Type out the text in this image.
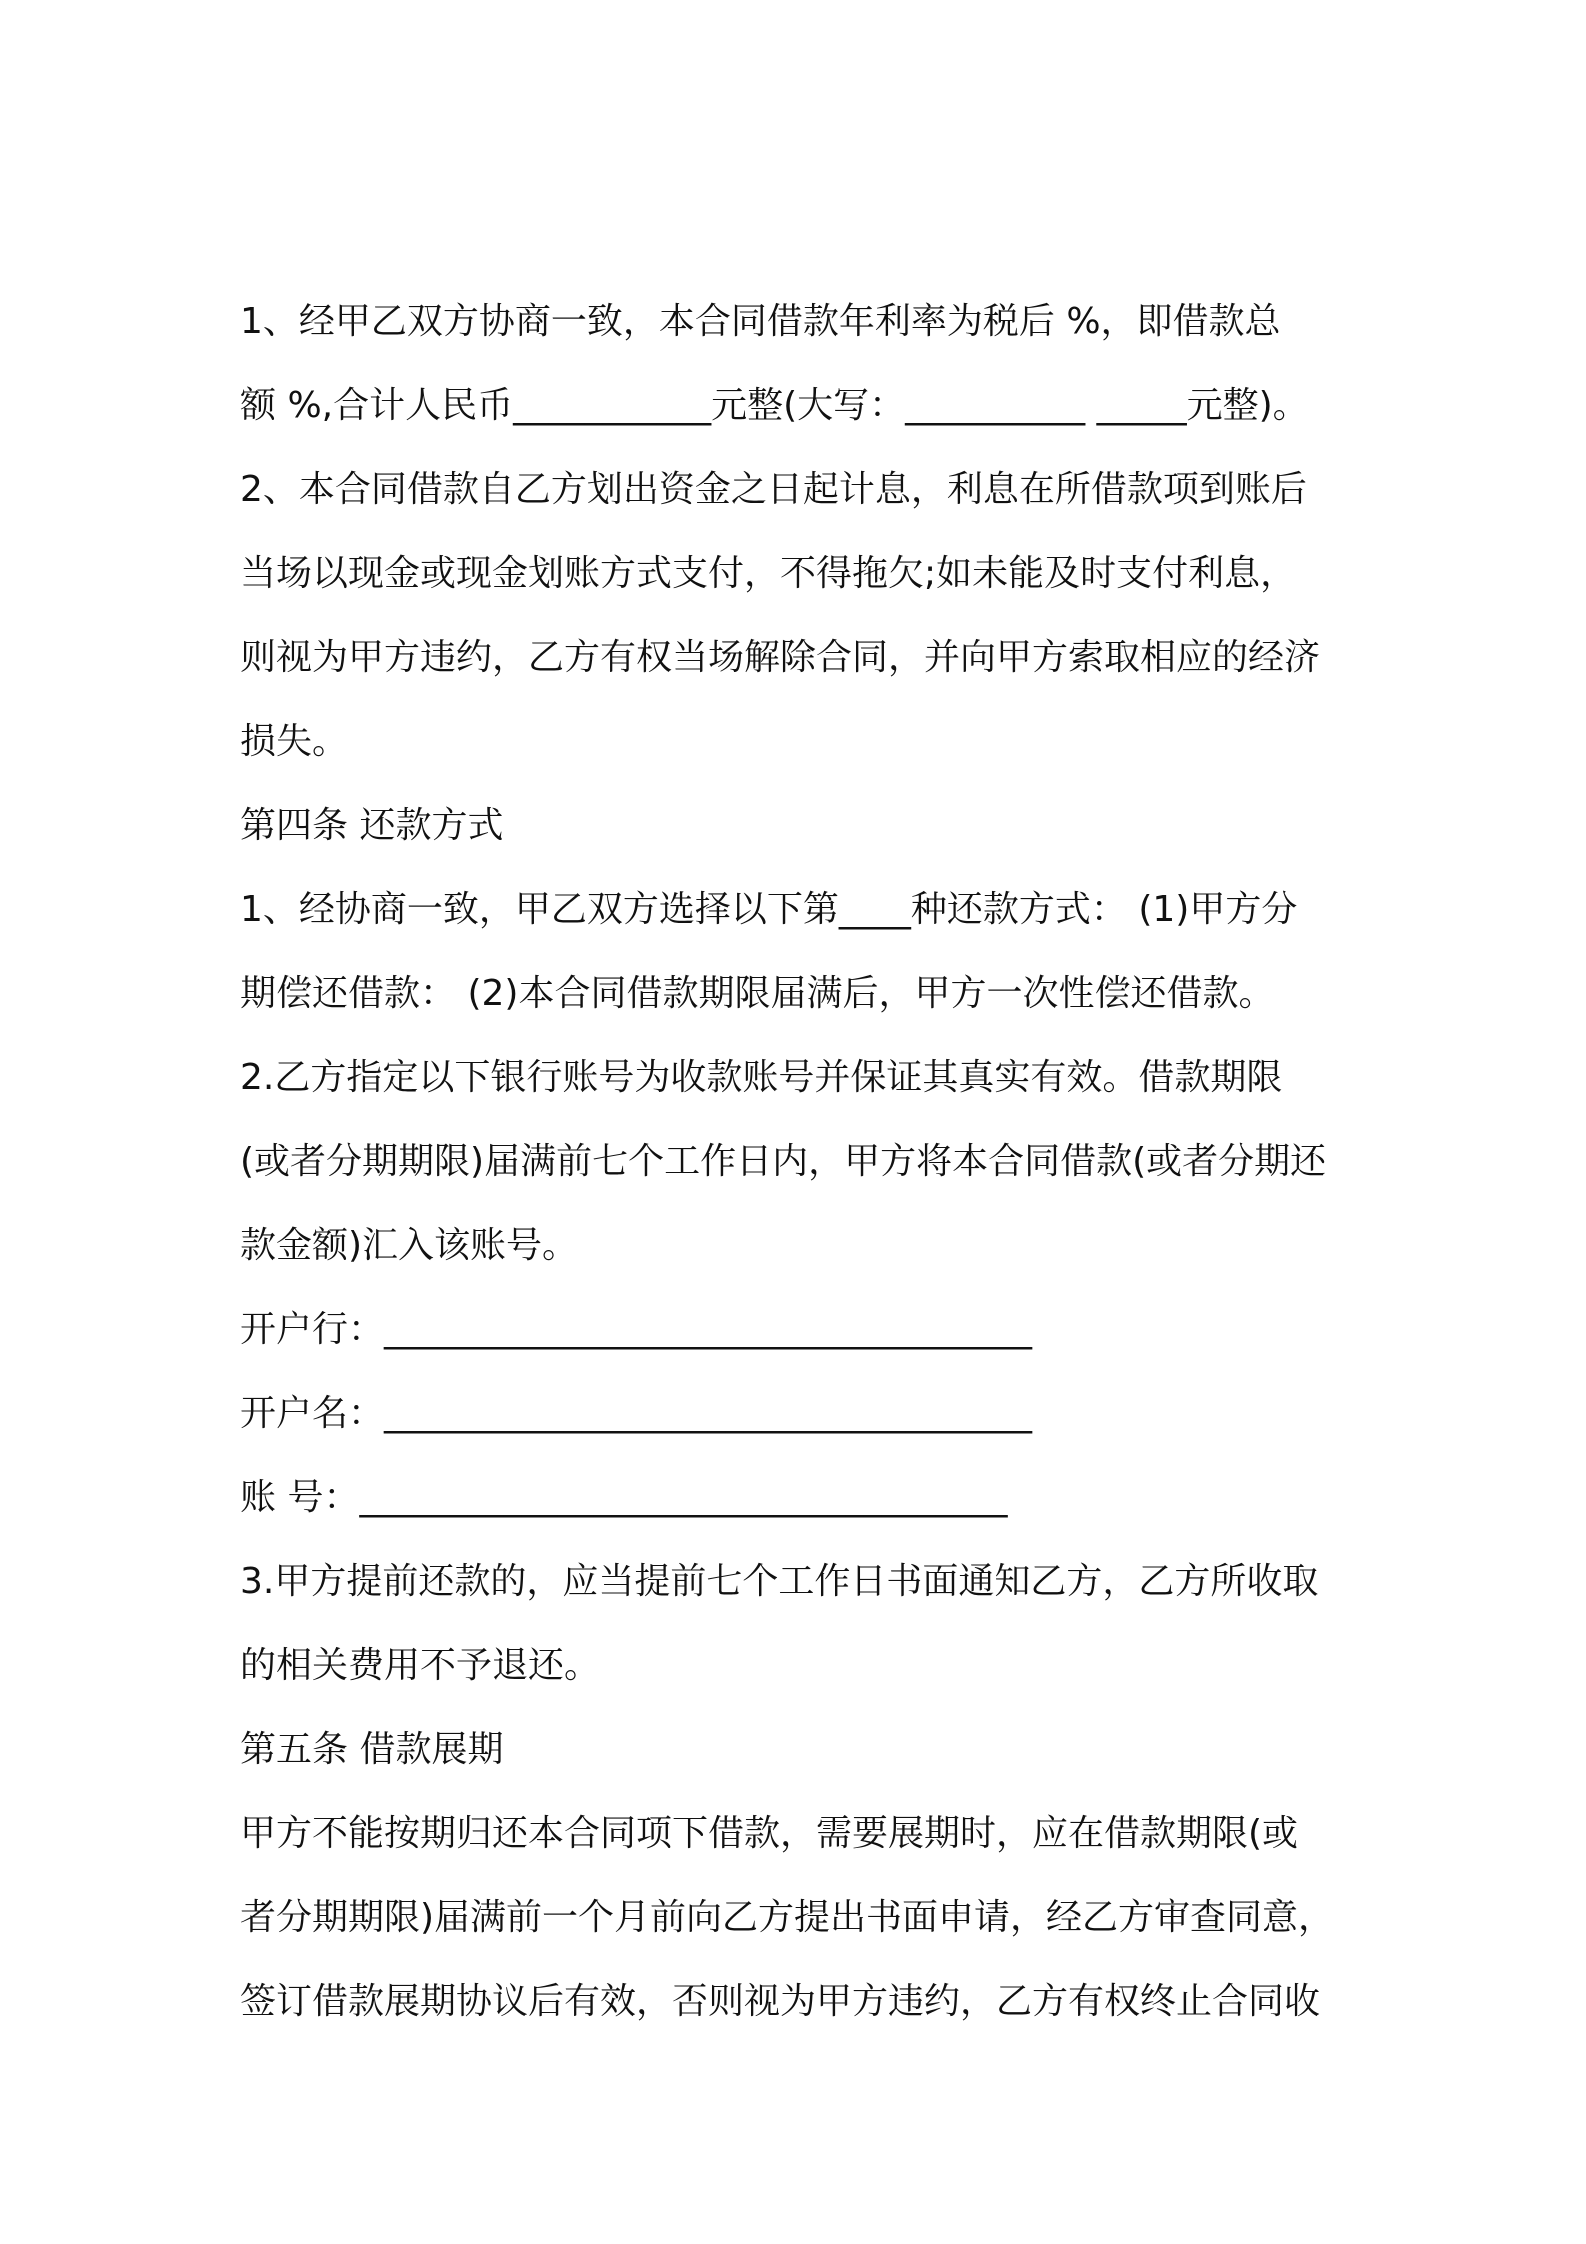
1、经甲乙双方协商一致，本合同借款年利率为税后 %，即借款总
额 %,合计人民币___________元整(大写：__________ _____元整)。
2、本合同借款自乙方划出资金之日起计息，利息在所借款项到账后
当场以现金或现金划账方式支付，不得拖欠;如未能及时支付利息，
则视为甲方违约，乙方有权当场解除合同，并向甲方索取相应的经济
损失。
第四条 还款方式
1、经协商一致，甲乙双方选择以下第____种还款方式： (1)甲方分
期偿还借款： (2)本合同借款期限届满后，甲方一次性偿还借款。
2.乙方指定以下银行账号为收款账号并保证其真实有效。借款期限
(或者分期期限)届满前七个工作日内，甲方将本合同借款(或者分期还
款金额)汇入该账号。
开户行：____________________________________
开户名：____________________________________
账 号：____________________________________
3.甲方提前还款的，应当提前七个工作日书面通知乙方，乙方所收取
的相关费用不予退还。
第五条 借款展期
甲方不能按期归还本合同项下借款，需要展期时，应在借款期限(或
者分期期限)届满前一个月前向乙方提出书面申请，经乙方审查同意，
签订借款展期协议后有效，否则视为甲方违约，乙方有权终止合同收
